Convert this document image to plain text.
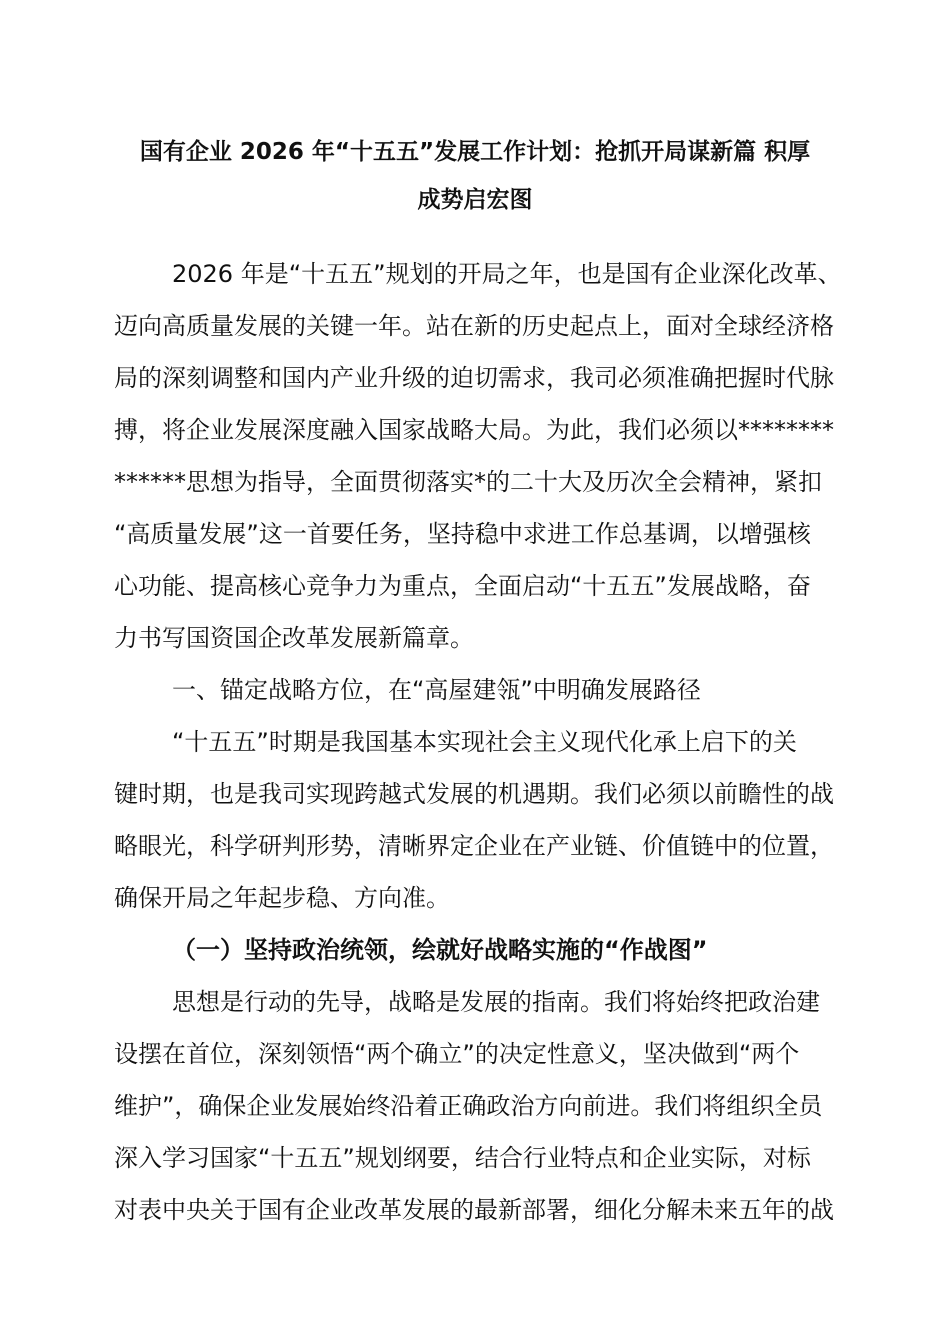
国有企业 2026 年“十五五”发展工作计划：抢抓开局谋新篇 积厚
成势启宏图
2026 年是“十五五”规划的开局之年，也是国有企业深化改革、
迈向高质量发展的关键一年。站在新的历史起点上，面对全球经济格
局的深刻调整和国内产业升级的迫切需求，我司必须准确把握时代脉
搏，将企业发展深度融入国家战略大局。为此，我们必须以********
******思想为指导，全面贯彻落实*的二十大及历次全会精神，紧扣
“高质量发展”这一首要任务，坚持稳中求进工作总基调，以增强核
心功能、提高核心竞争力为重点，全面启动“十五五”发展战略，奋
力书写国资国企改革发展新篇章。
一、锚定战略方位，在“高屋建瓴”中明确发展路径
“十五五”时期是我国基本实现社会主义现代化承上启下的关
键时期，也是我司实现跨越式发展的机遇期。我们必须以前瞻性的战
略眼光，科学研判形势，清晰界定企业在产业链、价值链中的位置，
确保开局之年起步稳、方向准。
（一）坚持政治统领，绘就好战略实施的“作战图”
思想是行动的先导，战略是发展的指南。我们将始终把政治建
设摆在首位，深刻领悟“两个确立”的决定性意义，坚决做到“两个
维护”，确保企业发展始终沿着正确政治方向前进。我们将组织全员
深入学习国家“十五五”规划纲要，结合行业特点和企业实际，对标
对表中央关于国有企业改革发展的最新部署，细化分解未来五年的战
